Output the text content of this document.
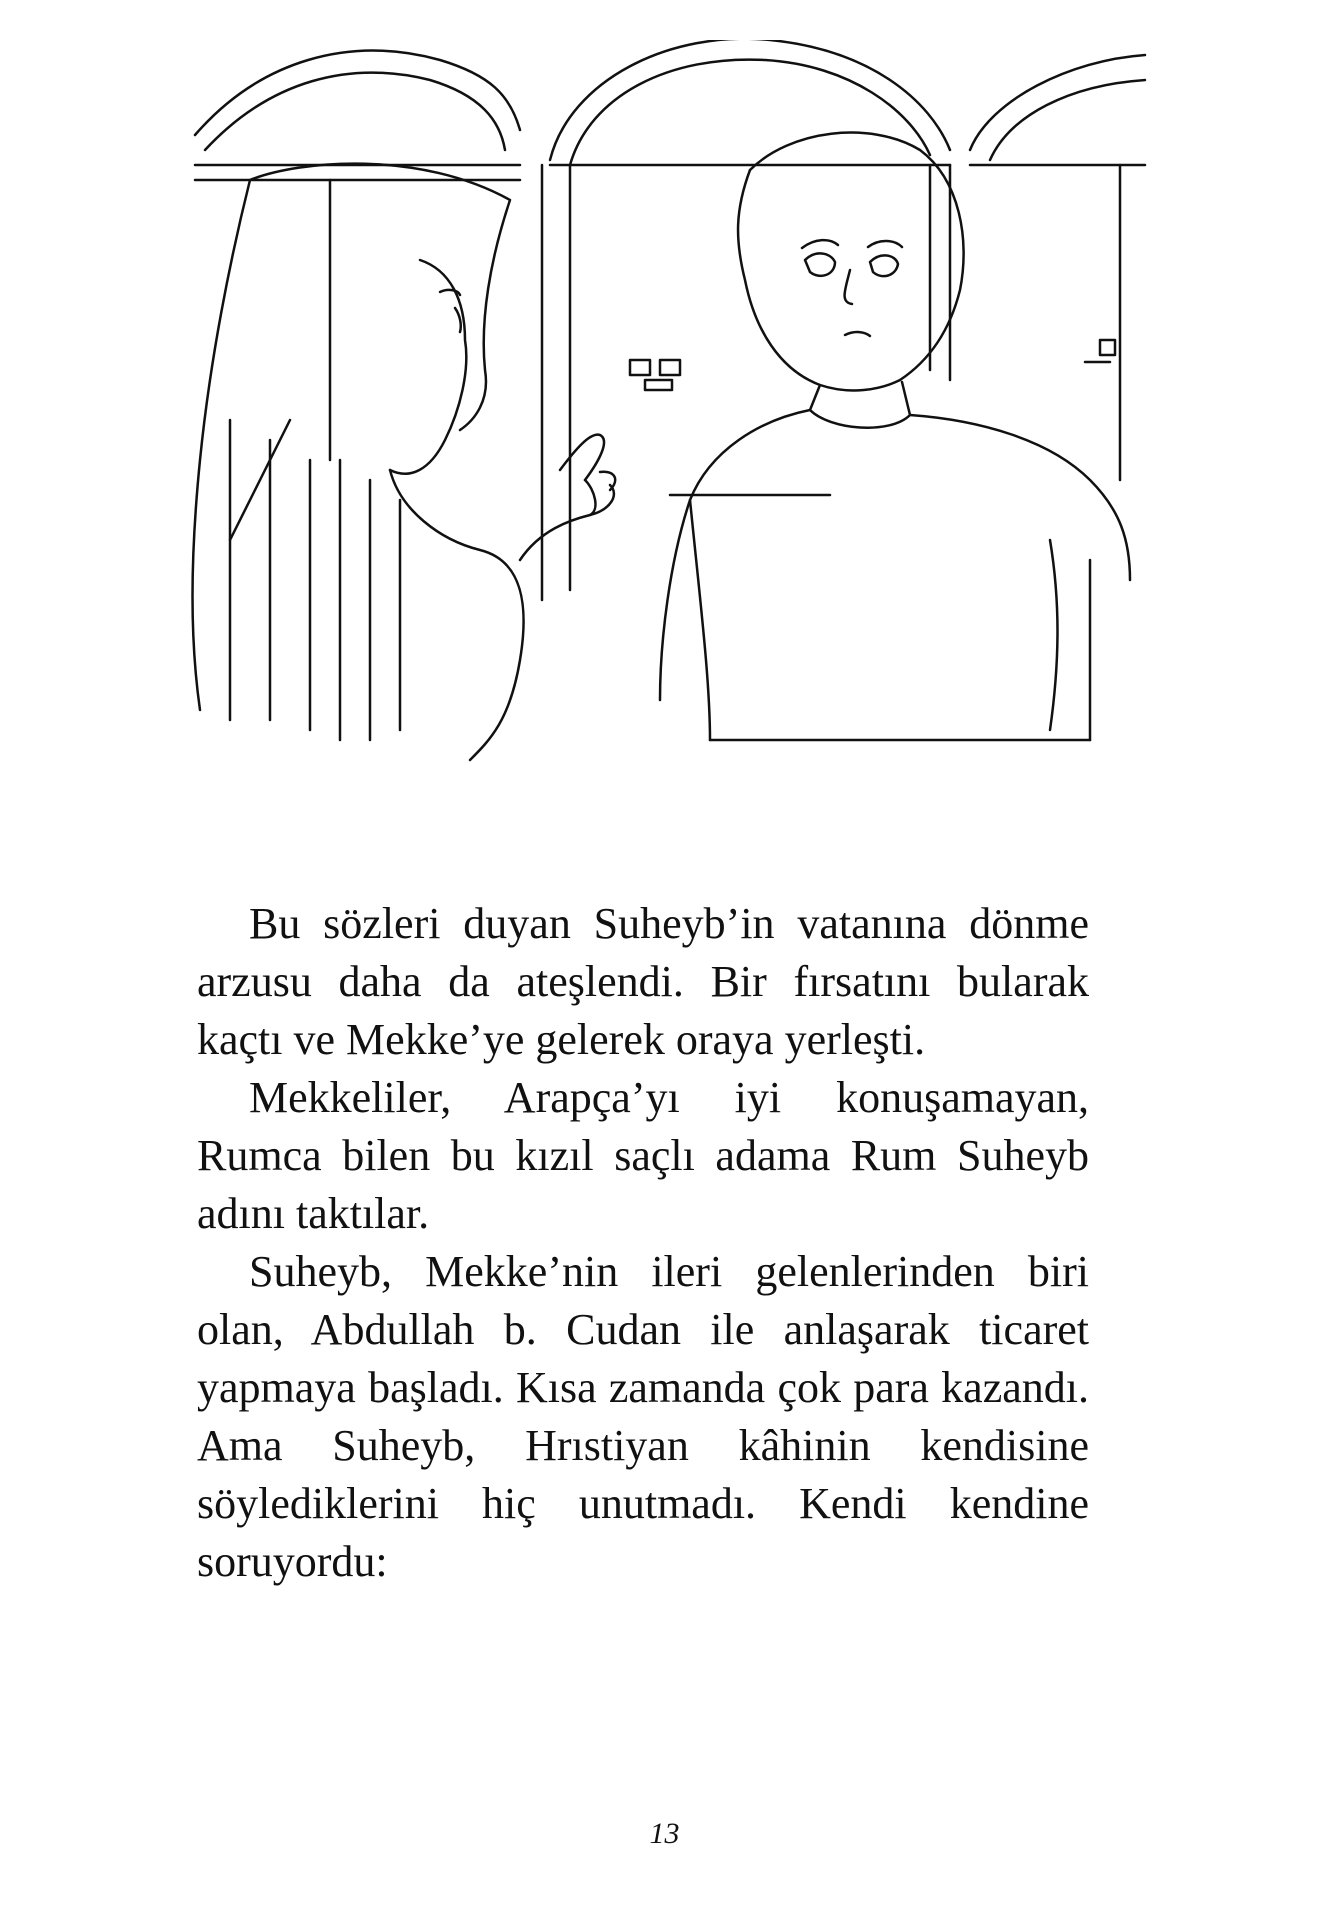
Bu sözleri duyan Suheyb’in vatanına dönme arzusu daha da ateşlendi. Bir fırsatını bularak kaçtı ve Mekke’ye gelerek oraya yerleşti.

Mekkeliler, Arapça’yı iyi konuşamayan, Rumca bilen bu kızıl saçlı adama Rum Suheyb adını taktılar.

Suheyb, Mekke’nin ileri gelenlerinden biri olan, Abdullah b. Cudan ile anlaşarak ticaret yapmaya başladı. Kısa zamanda çok para kazandı. Ama Suheyb, Hrıstiyan kâhinin kendisine söylediklerini hiç unutmadı. Kendi kendine soruyordu:

13
